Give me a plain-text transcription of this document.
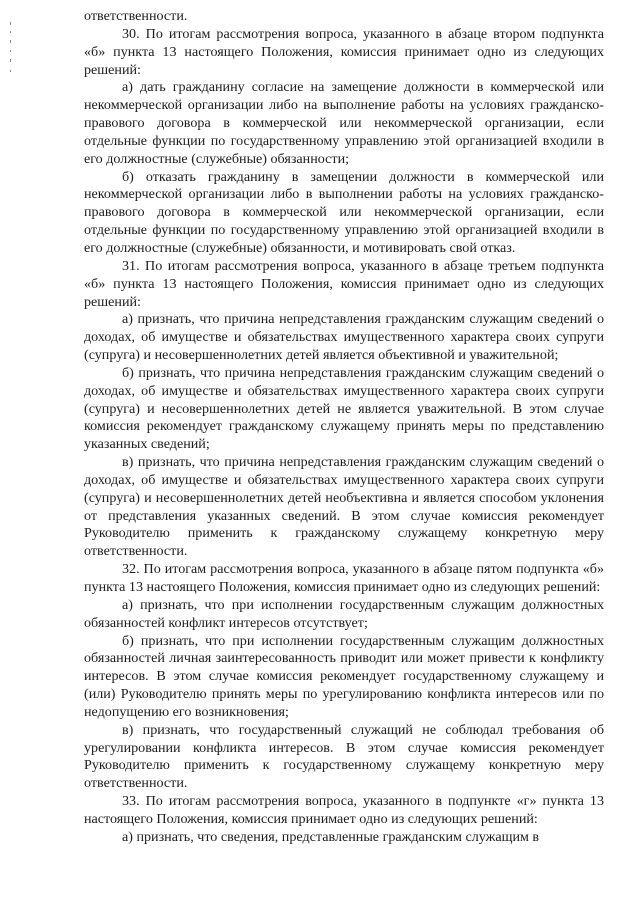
ответственности.

30. По итогам рассмотрения вопроса, указанного в абзаце втором подпункта «б» пункта 13 настоящего Положения, комиссия принимает одно из следующих решений:

а) дать гражданину согласие на замещение должности в коммерческой или некоммерческой организации либо на выполнение работы на условиях гражданско-правового договора в коммерческой или некоммерческой организации, если отдельные функции по государственному управлению этой организацией входили в его должностные (служебные) обязанности;

б) отказать гражданину в замещении должности в коммерческой или некоммерческой организации либо в выполнении работы на условиях гражданско-правового договора в коммерческой или некоммерческой организации, если отдельные функции по государственному управлению этой организацией входили в его должностные (служебные) обязанности, и мотивировать свой отказ.

31. По итогам рассмотрения вопроса, указанного в абзаце третьем подпункта «б» пункта 13 настоящего Положения, комиссия принимает одно из следующих решений:

а) признать, что причина непредставления гражданским служащим сведений о доходах, об имуществе и обязательствах имущественного характера своих супруги (супруга) и несовершеннолетних детей является объективной и уважительной;

б) признать, что причина непредставления гражданским служащим сведений о доходах, об имуществе и обязательствах имущественного характера своих супруги (супруга) и несовершеннолетних детей не является уважительной. В этом случае комиссия рекомендует гражданскому служащему принять меры по представлению указанных сведений;

в) признать, что причина непредставления гражданским служащим сведений о доходах, об имуществе и обязательствах имущественного характера своих супруги (супруга) и несовершеннолетних детей необъективна и является способом уклонения от представления указанных сведений. В этом случае комиссия рекомендует Руководителю применить к гражданскому служащему конкретную меру ответственности.

32. По итогам рассмотрения вопроса, указанного в абзаце пятом подпункта «б» пункта 13 настоящего Положения, комиссия принимает одно из следующих решений:

а) признать, что при исполнении государственным служащим должностных обязанностей конфликт интересов отсутствует;

б) признать, что при исполнении государственным служащим должностных обязанностей личная заинтересованность приводит или может привести к конфликту интересов. В этом случае комиссия рекомендует государственному служащему и (или) Руководителю принять меры по урегулированию конфликта интересов или по недопущению его возникновения;

в) признать, что государственный служащий не соблюдал требования об урегулировании конфликта интересов. В этом случае комиссия рекомендует Руководителю применить к государственному служащему конкретную меру ответственности.

33. По итогам рассмотрения вопроса, указанного в подпункте «г» пункта 13 настоящего Положения, комиссия принимает одно из следующих решений:

а) признать, что сведения, представленные гражданским служащим в
